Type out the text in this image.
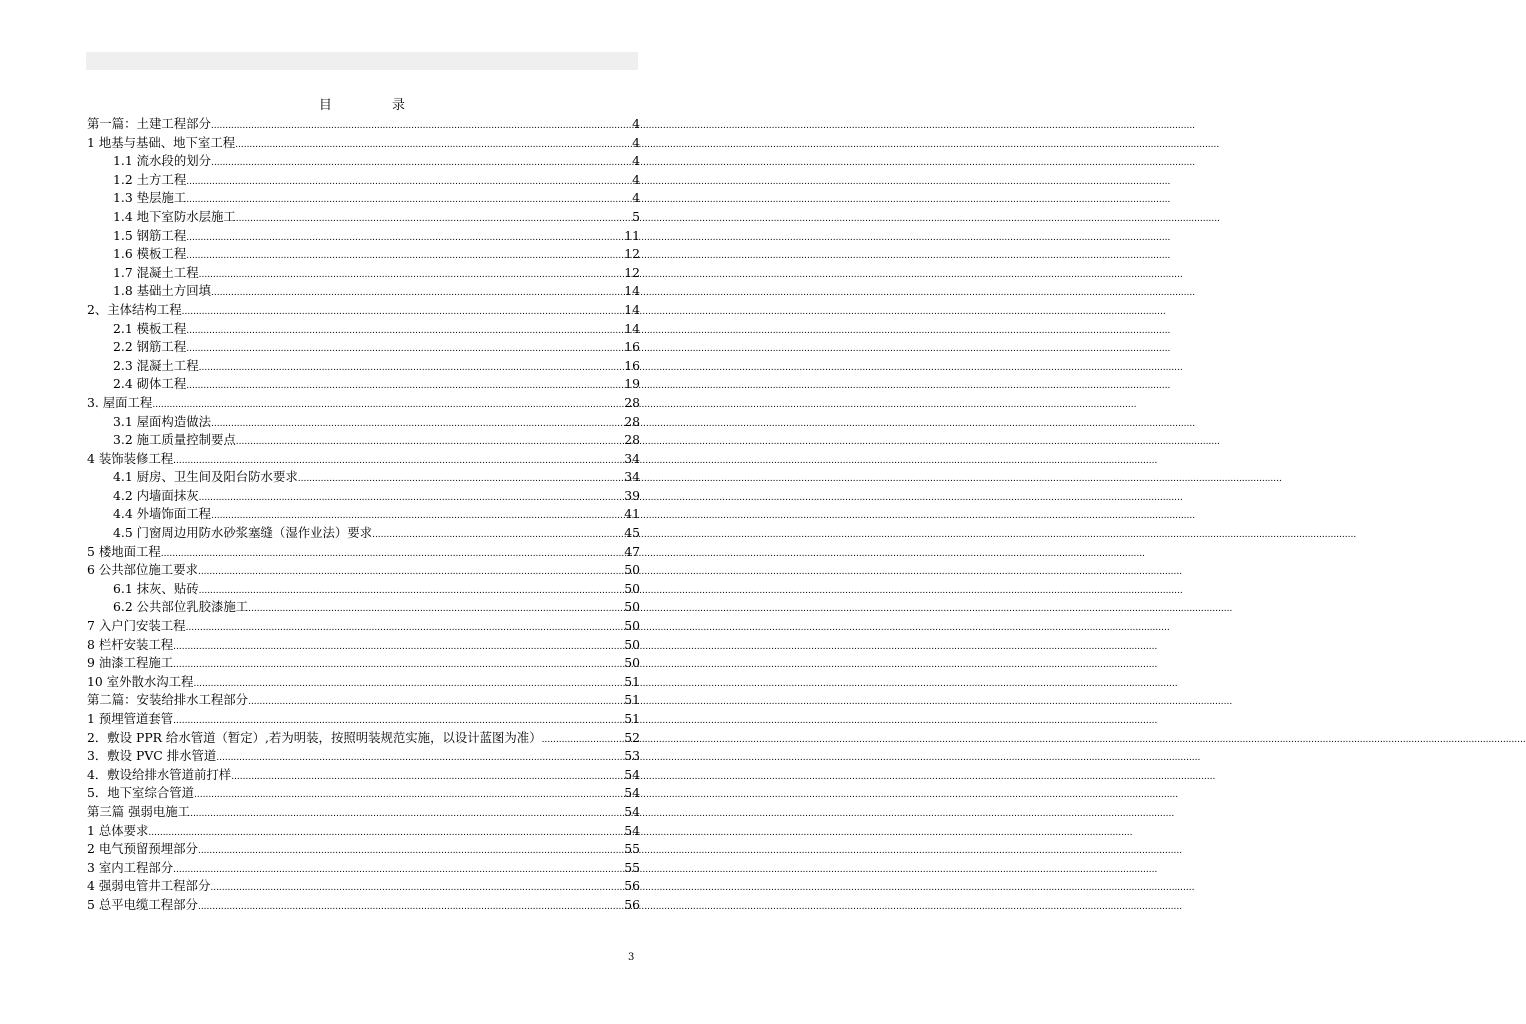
目 录
第一篇：土建工程部分 .....	4
1 地基与基础、地下室工程 .....	4
1.1 流水段的划分 .....	4
1.2 土方工程 .....	4
1.3 垫层施工 .....	4
1.4 地下室防水层施工 .....	5
1.5 钢筋工程 .....	11
1.6 模板工程 .....	12
1.7 混凝土工程 .....	12
1.8 基础土方回填 .....	14
2、主体结构工程 .....	14
2.1 模板工程 .....	14
2.2 钢筋工程 .....	16
2.3 混凝土工程 .....	16
2.4 砌体工程 .....	19
3. 屋面工程 .....	28
3.1 屋面构造做法 .....	28
3.2 施工质量控制要点 .....	28
4 装饰装修工程 .....	34
4.1 厨房、卫生间及阳台防水要求 .....	34
4.2 内墙面抹灰 .....	39
4.4 外墙饰面工程 .....	41
4.5 门窗周边用防水砂浆塞缝（湿作业法）要求 .....	45
5 楼地面工程 .....	47
6 公共部位施工要求 .....	50
6.1 抹灰、贴砖 .....	50
6.2 公共部位乳胶漆施工 .....	50
7 入户门安装工程 .....	50
8 栏杆安装工程 .....	50
9 油漆工程施工 .....	50
10 室外散水沟工程 .....	51
第二篇：安装给排水工程部分 .....	51
1 预埋管道套管 .....	51
2．敷设 PPR 给水管道（暂定）,若为明装，按照明装规范实施，以设计蓝图为准） .....	52
3．敷设 PVC 排水管道 .....	53
4．敷设给排水管道前打样 .....	54
5．地下室综合管道 .....	54
第三篇 强弱电施工 .....	54
1 总体要求 .....	54
2 电气预留预埋部分 .....	55
3 室内工程部分 .....	55
4 强弱电管井工程部分 .....	56
5 总平电缆工程部分 .....	56
3
